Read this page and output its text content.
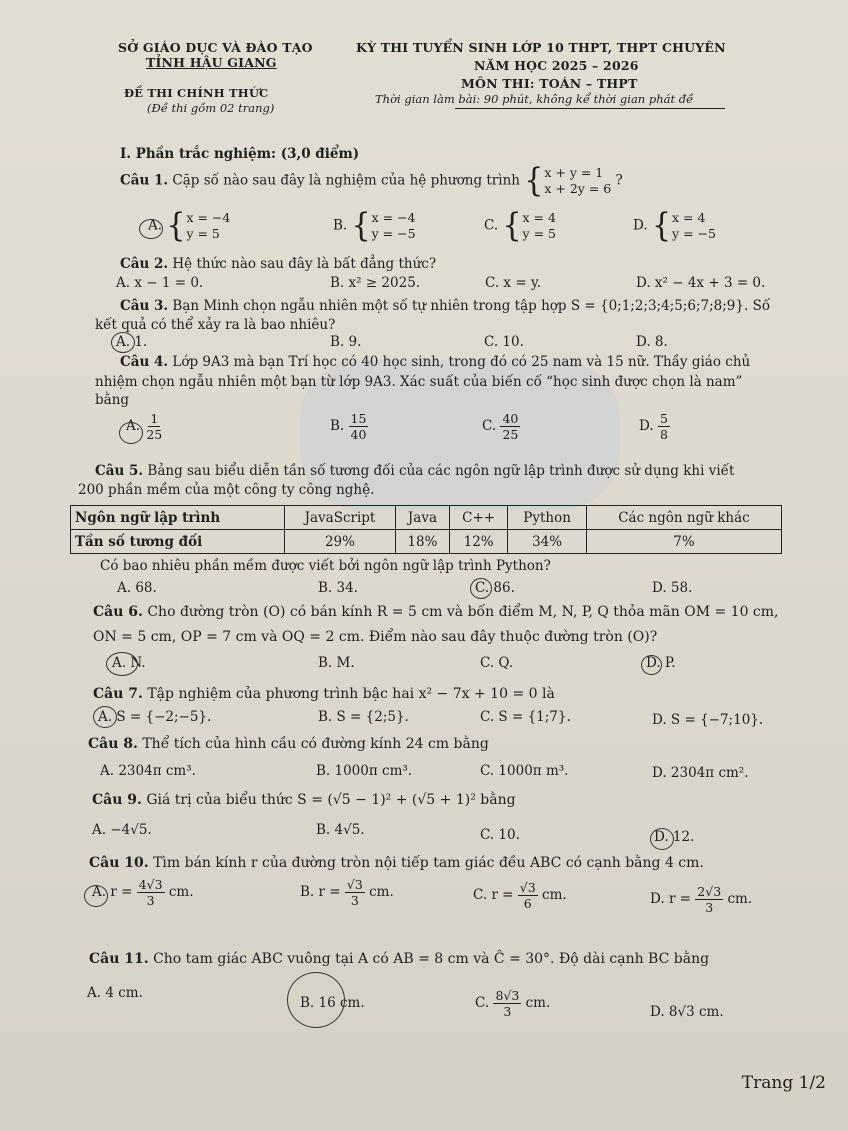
SỞ GIÁO DỤC VÀ ĐÀO TẠO
TỈNH HẬU GIANG
ĐỀ THI CHÍNH THỨC
(Đề thi gồm 02 trang)
KỲ THI TUYỂN SINH LỚP 10 THPT, THPT CHUYÊN
NĂM HỌC 2025 – 2026
MÔN THI: TOÁN – THPT
Thời gian làm bài: 90 phút, không kể thời gian phát đề
I. Phần trắc nghiệm: (3,0 điểm)
Câu 1. Cặp số nào sau đây là nghiệm của hệ phương trình { x + y = 1
x + 2y = 6 ?
A. { x = −4
y = 5	B. { x = −4
y = −5	C. { x = 4
y = 5	D. { x = 4
y = −5
Câu 2. Hệ thức nào sau đây là bất đẳng thức?
A. x − 1 = 0.	B. x² ≥ 2025.	C. x = y.	D. x² − 4x + 3 = 0.
Câu 3. Bạn Minh chọn ngẫu nhiên một số tự nhiên trong tập hợp S = {0;1;2;3;4;5;6;7;8;9}. Số
kết quả có thể xảy ra là bao nhiêu?
A. 1.	B. 9.	C. 10.	D. 8.
Câu 4. Lớp 9A3 mà bạn Trí học có 40 học sinh, trong đó có 25 nam và 15 nữ. Thầy giáo chủ
nhiệm chọn ngẫu nhiên một bạn từ lớp 9A3. Xác suất của biến cố “học sinh được chọn là nam”
bằng
A. $\frac{1}{25}$	B. $\frac{15}{40}$	C. $\frac{40}{25}$	D. $\frac{5}{8}$
Câu 5. Bảng sau biểu diễn tần số tương đối của các ngôn ngữ lập trình được sử dụng khi viết
200 phần mềm của một công ty công nghệ.
Ngôn ngữ lập trình	JavaScript	Java	C++	Python	Các ngôn ngữ khác
Tần số tương đối	29%	18%	12%	34%	7%
Có bao nhiêu phần mềm được viết bởi ngôn ngữ lập trình Python?
A. 68.	B. 34.	C. 86.	D. 58.
Câu 6. Cho đường tròn (O) có bán kính R = 5 cm và bốn điểm M, N, P, Q thỏa mãn OM = 10 cm,
ON = 5 cm, OP = 7 cm và OQ = 2 cm. Điểm nào sau đây thuộc đường tròn (O)?
A. N.	B. M.	C. Q.	D. P.
Câu 7. Tập nghiệm của phương trình bậc hai x² − 7x + 10 = 0 là
A. S = {−2;−5}.	B. S = {2;5}.	C. S = {1;7}.	D. S = {−7;10}.
Câu 8. Thể tích của hình cầu có đường kính 24 cm bằng
A. 2304π cm³.	B. 1000π cm³.	C. 1000π m³.	D. 2304π cm².
Câu 9. Giá trị của biểu thức S = (√5 − 1)² + (√5 + 1)² bằng
A. −4√5.	B. 4√5.	C. 10.	D. 12.
Câu 10. Tìm bán kính r của đường tròn nội tiếp tam giác đều ABC có cạnh bằng 4 cm.
A. $r = \frac{4√3}{3}$ cm.	B. $r = \frac{√3}{3}$ cm.	C. $r = \frac{√3}{6}$ cm.	D. $r = \frac{2√3}{3}$ cm.
Câu 11. Cho tam giác ABC vuông tại A có AB = 8 cm và Ĉ = 30°. Độ dài cạnh BC bằng
A. 4 cm.
B. 16 cm.	C. $\frac{8√3}{3}$ cm.
D. 8√3 cm.
Trang 1/2
